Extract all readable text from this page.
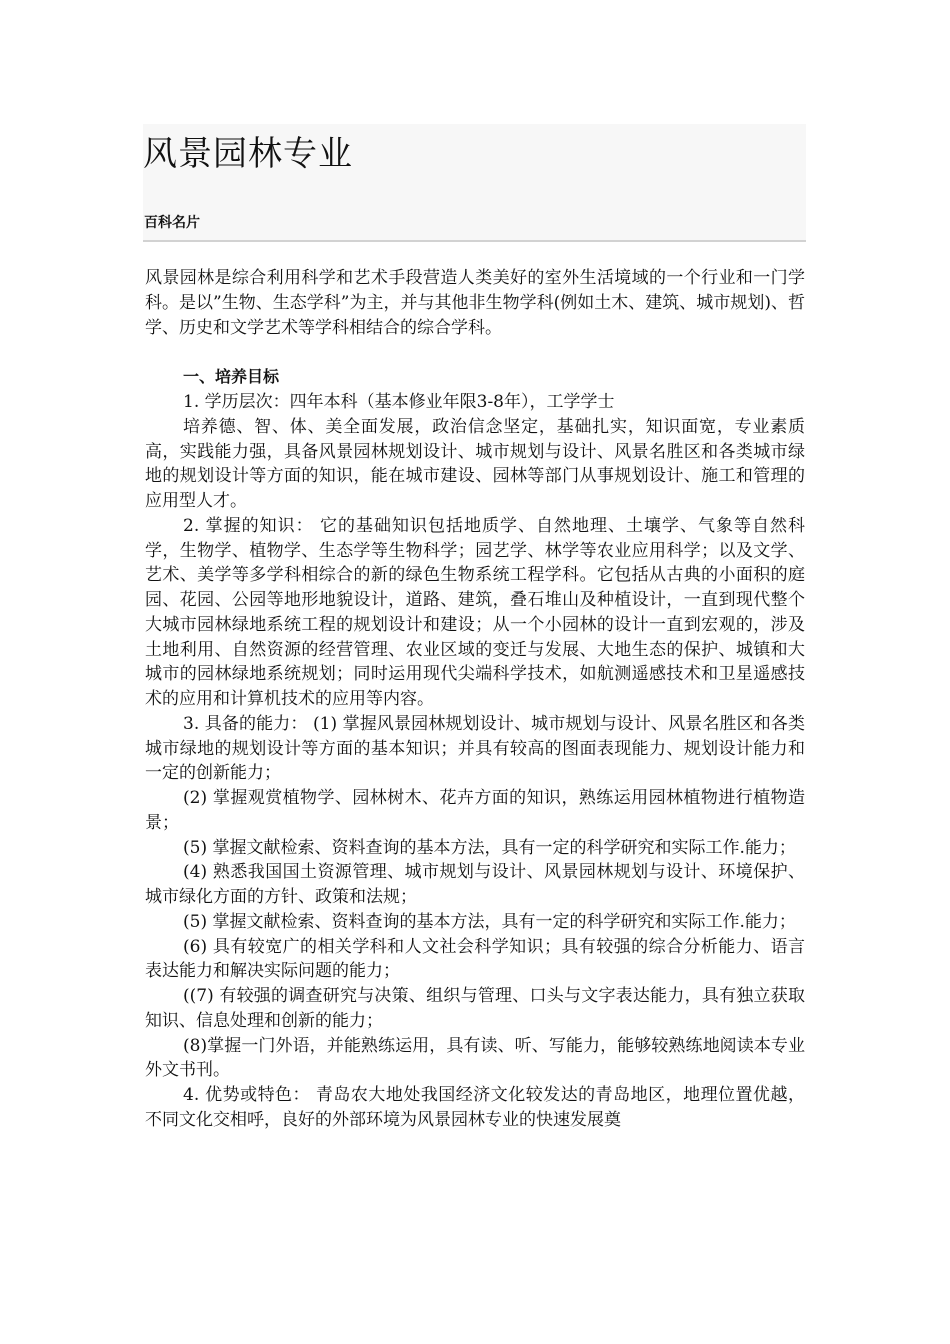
风景园林专业
百科名片

风景园林是综合利用科学和艺术手段营造人类美好的室外生活境域的一个行业和一门学科。是以”生物、生态学科”为主，并与其他非生物学科(例如土木、建筑、城市规划)、哲学、历史和文学艺术等学科相结合的综合学科。

一、培养目标

1. 学历层次：四年本科（基本修业年限3-8年），工学学士

培养德、智、体、美全面发展，政治信念坚定，基础扎实，知识面宽，专业素质高，实践能力强，具备风景园林规划设计、城市规划与设计、风景名胜区和各类城市绿地的规划设计等方面的知识，能在城市建设、园林等部门从事规划设计、施工和管理的应用型人才。

2. 掌握的知识： 它的基础知识包括地质学、自然地理、土壤学、气象等自然科学，生物学、植物学、生态学等生物科学；园艺学、林学等农业应用科学；以及文学、艺术、美学等多学科相综合的新的绿色生物系统工程学科。它包括从古典的小面积的庭园、花园、公园等地形地貌设计，道路、建筑，叠石堆山及种植设计，一直到现代整个大城市园林绿地系统工程的规划设计和建设；从一个小园林的设计一直到宏观的，涉及土地利用、自然资源的经营管理、农业区域的变迁与发展、大地生态的保护、城镇和大城市的园林绿地系统规划；同时运用现代尖端科学技术，如航测遥感技术和卫星遥感技术的应用和计算机技术的应用等内容。

3. 具备的能力： (1) 掌握风景园林规划设计、城市规划与设计、风景名胜区和各类城市绿地的规划设计等方面的基本知识；并具有较高的图面表现能力、规划设计能力和一定的创新能力；

(2) 掌握观赏植物学、园林树木、花卉方面的知识，熟练运用园林植物进行植物造景；

(5) 掌握文献检索、资料查询的基本方法，具有一定的科学研究和实际工作.能力；

(4) 熟悉我国国土资源管理、城市规划与设计、风景园林规划与设计、环境保护、城市绿化方面的方针、政策和法规；

(5) 掌握文献检索、资料查询的基本方法，具有一定的科学研究和实际工作.能力；

(6) 具有较宽广的相关学科和人文社会科学知识；具有较强的综合分析能力、语言表达能力和解决实际问题的能力；

((7) 有较强的调查研究与决策、组织与管理、口头与文字表达能力，具有独立获取知识、信息处理和创新的能力；

(8)掌握一门外语，并能熟练运用，具有读、听、写能力，能够较熟练地阅读本专业外文书刊。

4. 优势或特色： 青岛农大地处我国经济文化较发达的青岛地区，地理位置优越，不同文化交相呼，良好的外部环境为风景园林专业的快速发展奠
